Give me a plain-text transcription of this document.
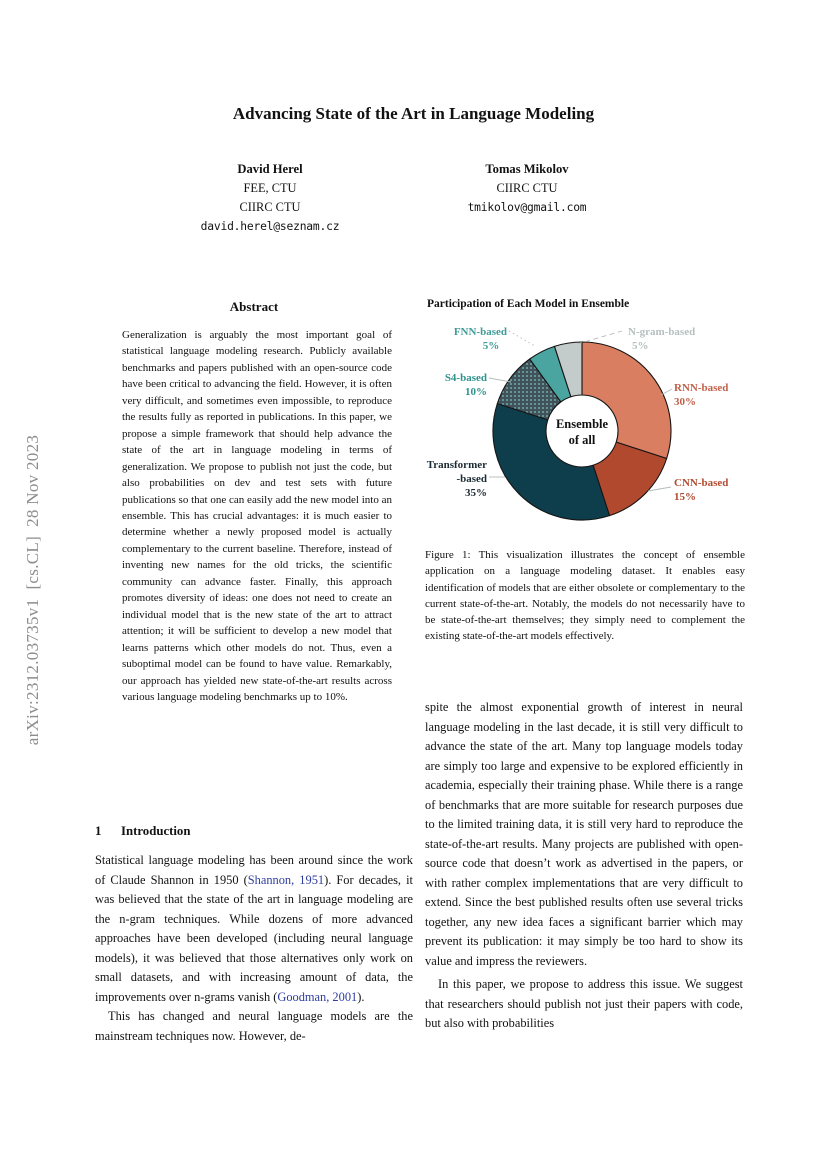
arXiv:2312.03735v1  [cs.CL]  28 Nov 2023
Advancing State of the Art in Language Modeling
David Herel
FEE, CTU
CIIRC CTU
david.herel@seznam.cz
Tomas Mikolov
CIIRC CTU
tmikolov@gmail.com
Abstract
Generalization is arguably the most important goal of statistical language modeling research. Publicly available benchmarks and papers published with an open-source code have been critical to advancing the field. However, it is often very difficult, and sometimes even impossible, to reproduce the results fully as reported in publications. In this paper, we propose a simple framework that should help advance the state of the art in language modeling in terms of generalization. We propose to publish not just the code, but also probabilities on dev and test sets with future publications so that one can easily add the new model into an ensemble. This has crucial advantages: it is much easier to determine whether a newly proposed model is actually complementary to the current baseline. Therefore, instead of inventing new names for the old tricks, the scientific community can advance faster. Finally, this approach promotes diversity of ideas: one does not need to create an individual model that is the new state of the art to attract attention; it will be sufficient to develop a new model that learns patterns which other models do not. Thus, even a suboptimal model can be found to have value. Remarkably, our approach has yielded new state-of-the-art results across various language modeling benchmarks up to 10%.
1 Introduction
Statistical language modeling has been around since the work of Claude Shannon in 1950 (Shannon, 1951). For decades, it was believed that the state of the art in language modeling are the n-gram techniques. While dozens of more advanced approaches have been developed (including neural language models), it was believed that those alternatives only work on small datasets, and with increasing amount of data, the improvements over n-grams vanish (Goodman, 2001).
This has changed and neural language models are the mainstream techniques now. However, de-
Participation of Each Model in Ensemble
FNN-based
5%
N-gram-based
5%
S4-based
10%	RNN-based
30%
CNN-based
15%
Transformer
-based
35%
Ensemble
of all
Figure 1: This visualization illustrates the concept of ensemble application on a language modeling dataset. It enables easy identification of models that are either obsolete or complementary to the current state-of-the-art. Notably, the models do not necessarily have to be state-of-the-art themselves; they simply need to complement the existing state-of-the-art models effectively.
spite the almost exponential growth of interest in neural language modeling in the last decade, it is still very difficult to advance the state of the art. Many top language models today are simply too large and expensive to be explored efficiently in academia, especially their training phase. While there is a range of benchmarks that are more suitable for research purposes due to the limited training data, it is still very hard to reproduce the state-of-the-art results. Many projects are published with open-source code that doesn’t work as advertised in the papers, or with rather complex implementations that are very difficult to extend. Since the best published results often use several tricks together, any new idea faces a significant barrier which may prevent its publication: it may simply be too hard to show its value and impress the reviewers.
In this paper, we propose to address this issue. We suggest that researchers should publish not just their papers with code, but also with probabilities
